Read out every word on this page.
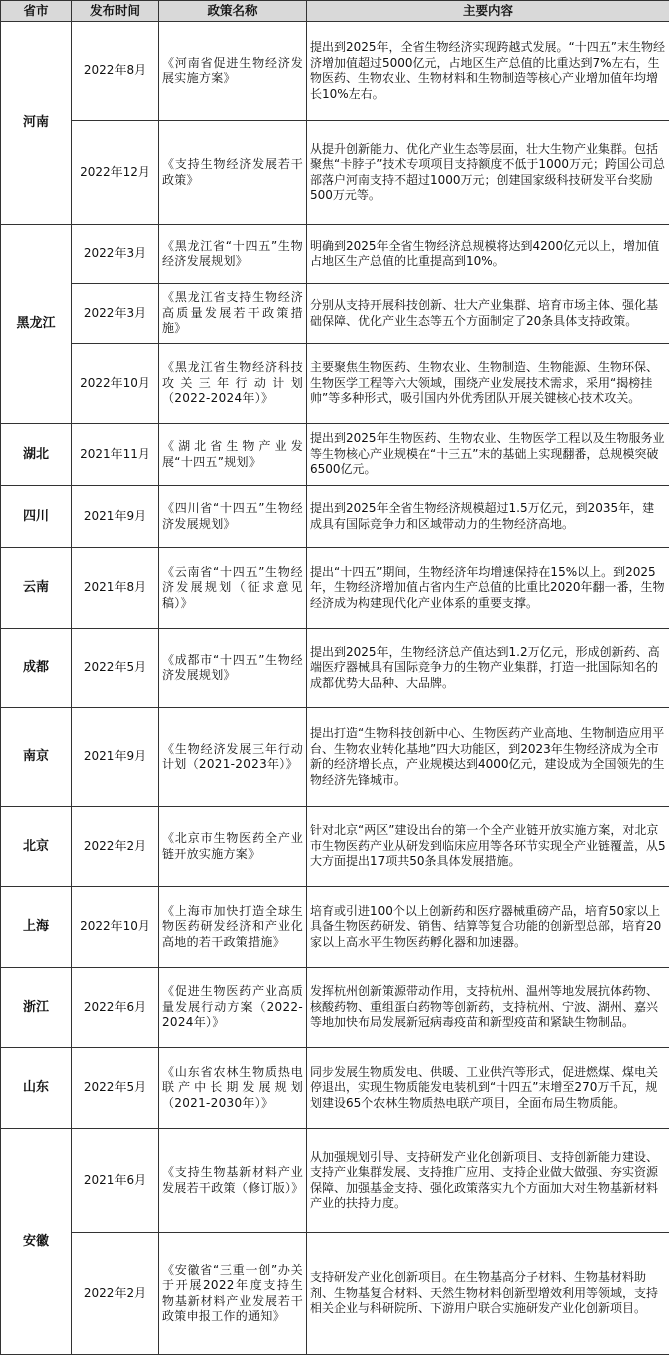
省市	发布时间	政策名称	主要内容
河南	2022年8月	《河南省促进生物经济发展实施方案》	提出到2025年，全省生物经济实现跨越式发展。“十四五”末生物经济增加值超过5000亿元，占地区生产总值的比重达到7%左右，生物医药、生物农业、生物材料和生物制造等核心产业增加值年均增长10%左右。
	2022年12月	《支持生物经济发展若干政策》	从提升创新能力、优化产业生态等层面，壮大生物产业集群。包括聚焦“卡脖子”技术专项项目支持额度不低于1000万元；跨国公司总部落户河南支持不超过1000万元；创建国家级科技研发平台奖励500万元等。
黑龙江	2022年3月	《黑龙江省“十四五”生物经济发展规划》	明确到2025年全省生物经济总规模将达到4200亿元以上，增加值占地区生产总值的比重提高到10%。
	2022年3月	《黑龙江省支持生物经济高质量发展若干政策措施》	分别从支持开展科技创新、壮大产业集群、培育市场主体、强化基础保障、优化产业生态等五个方面制定了20条具体支持政策。
	2022年10月	《黑龙江省生物经济科技攻关三年行动计划（2022-2024年）》	主要聚焦生物医药、生物农业、生物制造、生物能源、生物环保、生物医学工程等六大领域，围绕产业发展技术需求，采用“揭榜挂帅”等多种形式，吸引国内外优秀团队开展关键核心技术攻关。
湖北	2021年11月	《湖北省生物产业发展“十四五”规划》	提出到2025年生物医药、生物农业、生物医学工程以及生物服务业等生物核心产业规模在“十三五”末的基础上实现翻番，总规模突破6500亿元。
四川	2021年9月	《四川省“十四五”生物经济发展规划》	提出到2025年全省生物经济规模超过1.5万亿元，到2035年，建成具有国际竞争力和区域带动力的生物经济高地。
云南	2021年8月	《云南省“十四五”生物经济发展规划（征求意见稿）》	提出“十四五”期间，生物经济年均增速保持在15%以上。到2025年，生物经济增加值占省内生产总值的比重比2020年翻一番，生物经济成为构建现代化产业体系的重要支撑。
成都	2022年5月	《成都市“十四五”生物经济发展规划》	提出到2025年，生物经济总产值达到1.2万亿元，形成创新药、高端医疗器械具有国际竞争力的生物产业集群，打造一批国际知名的成都优势大品种、大品牌。
南京	2021年9月	《生物经济发展三年行动计划（2021-2023年）》	提出打造“生物科技创新中心、生物医药产业高地、生物制造应用平台、生物农业转化基地”四大功能区，到2023年生物经济成为全市新的经济增长点，产业规模达到4000亿元，建设成为全国领先的生物经济先锋城市。
北京	2022年2月	《北京市生物医药全产业链开放实施方案》	针对北京“两区”建设出台的第一个全产业链开放实施方案，对北京市生物医药产业从研发到临床应用等各环节实现全产业链覆盖，从5大方面提出17项共50条具体发展措施。
上海	2022年10月	《上海市加快打造全球生物医药研发经济和产业化高地的若干政策措施》	培育或引进100个以上创新药和医疗器械重磅产品，培育50家以上具备生物医药研发、销售、结算等复合功能的创新型总部，培育20家以上高水平生物医药孵化器和加速器。
浙江	2022年6月	《促进生物医药产业高质量发展行动方案（2022-2024年）》	发挥杭州创新策源带动作用，支持杭州、温州等地发展抗体药物、核酸药物、重组蛋白药物等创新药，支持杭州、宁波、湖州、嘉兴等地加快布局发展新冠病毒疫苗和新型疫苗和紧缺生物制品。
山东	2022年5月	《山东省农林生物质热电联产中长期发展规划（2021-2030年）》	同步发展生物质发电、供暖、工业供汽等形式，促进燃煤、煤电关停退出，实现生物质能发电装机到“十四五”末增至270万千瓦，规划建设65个农林生物质热电联产项目，全面布局生物质能。
安徽	2021年6月	《支持生物基新材料产业发展若干政策（修订版）》	从加强规划引导、支持研发产业化创新项目、支持创新能力建设、支持产业集群发展、支持推广应用、支持企业做大做强、夯实资源保障、加强基金支持、强化政策落实九个方面加大对生物基新材料产业的扶持力度。
	2022年2月	《安徽省“三重一创”办关于开展2022年度支持生物基新材料产业发展若干政策申报工作的通知》	支持研发产业化创新项目。在生物基高分子材料、生物基材料助剂、生物基复合材料、天然生物材料创新型增效利用等领域，支持相关企业与科研院所、下游用户联合实施研发产业化创新项目。
